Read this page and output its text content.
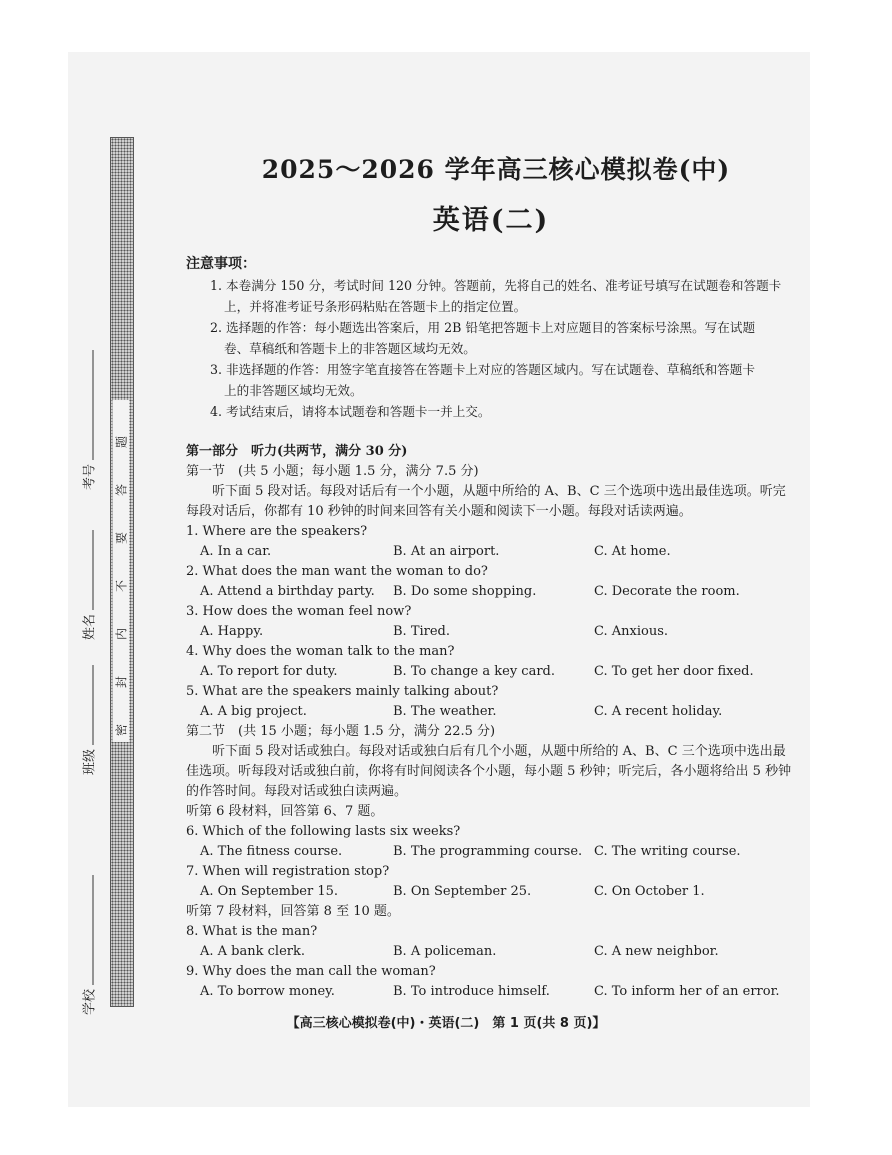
密封内不要答题
学校
班级
姓名
考号
2025～2026 学年高三核心模拟卷(中)
英语(二)
注意事项：
1. 本卷满分 150 分，考试时间 120 分钟。答题前，先将自己的姓名、准考证号填写在试题卷和答题卡
上，并将准考证号条形码粘贴在答题卡上的指定位置。
2. 选择题的作答：每小题选出答案后，用 2B 铅笔把答题卡上对应题目的答案标号涂黑。写在试题
卷、草稿纸和答题卡上的非答题区域均无效。
3. 非选择题的作答：用签字笔直接答在答题卡上对应的答题区域内。写在试题卷、草稿纸和答题卡
上的非答题区域均无效。
4. 考试结束后，请将本试题卷和答题卡一并上交。
第一部分　听力(共两节，满分 30 分)
第一节　(共 5 小题；每小题 1.5 分，满分 7.5 分)
听下面 5 段对话。每段对话后有一个小题，从题中所给的 A、B、C 三个选项中选出最佳选项。听完
每段对话后，你都有 10 秒钟的时间来回答有关小题和阅读下一小题。每段对话读两遍。
1. Where are the speakers?
A. In a car.	B. At an airport.	C. At home.
2. What does the man want the woman to do?
A. Attend a birthday party.	B. Do some shopping.	C. Decorate the room.
3. How does the woman feel now?
A. Happy.	B. Tired.	C. Anxious.
4. Why does the woman talk to the man?
A. To report for duty.	B. To change a key card.	C. To get her door fixed.
5. What are the speakers mainly talking about?
A. A big project.	B. The weather.	C. A recent holiday.
第二节　(共 15 小题；每小题 1.5 分，满分 22.5 分)
听下面 5 段对话或独白。每段对话或独白后有几个小题，从题中所给的 A、B、C 三个选项中选出最
佳选项。听每段对话或独白前，你将有时间阅读各个小题，每小题 5 秒钟；听完后，各小题将给出 5 秒钟
的作答时间。每段对话或独白读两遍。
听第 6 段材料，回答第 6、7 题。
6. Which of the following lasts six weeks?
A. The fitness course.	B. The programming course. C. The writing course.
7. When will registration stop?
A. On September 15.	B. On September 25.	C. On October 1.
听第 7 段材料，回答第 8 至 10 题。
8. What is the man?
A. A bank clerk.	B. A policeman.	C. A new neighbor.
9. Why does the man call the woman?
A. To borrow money.	B. To introduce himself.	C. To inform her of an error.
【高三核心模拟卷(中)・英语(二)　第 1 页(共 8 页)】
